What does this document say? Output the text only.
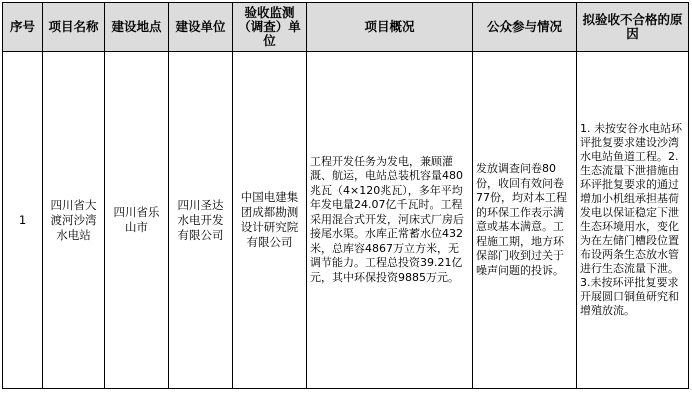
序号	项目名称	建设地点	建设单位	验收监测（调查）单位	项目概况	公众参与情况	拟验收不合格的原因
1	四川省大渡河沙湾水电站	四川省乐山市	四川圣达水电开发有限公司	中国电建集团成都勘测设计研究院有限公司	工程开发任务为发电，兼顾灌溉、航运，电站总装机容量480兆瓦（4×120兆瓦），多年平均年发电量24.07亿千瓦时。工程采用混合式开发，河床式厂房后接尾水渠。水库正常蓄水位432米，总库容4867万立方米，无调节能力。工程总投资39.21亿元，其中环保投资9885万元。	发放调查问卷80份，收回有效问卷77份，均对本工程的环保工作表示满意或基本满意。工程施工期，地方环保部门收到过关于噪声问题的投诉。	1. 未按安谷水电站环评批复要求建设沙湾水电站鱼道工程。2. 生态流量下泄措施由环评批复要求的通过增加小机组承担基荷发电以保证稳定下泄生态环境用水，变化为在左储门槽段位置布设两条生态放水管进行生态流量下泄。3.未按环评批复要求开展圆口铜鱼研究和增殖放流。
